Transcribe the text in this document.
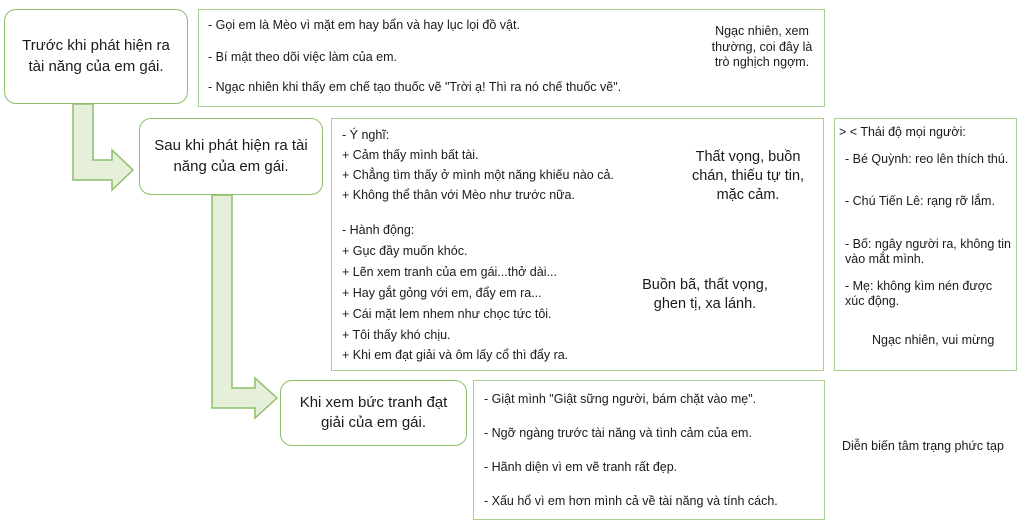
Trước khi phát hiện ra tài năng của em gái.
- Gọi em là Mèo vì mặt em hay bẩn và hay lục lọi đồ vật.
- Bí mật theo dõi việc làm của em.
- Ngạc nhiên khi thấy em chế tạo thuốc vẽ "Trời ạ! Thì ra nó chế thuốc vẽ".
Ngạc nhiên, xem thường, coi đây là trò nghịch ngợm.
Sau khi phát hiện ra tài năng của em gái.
- Ý nghĩ:
+ Cảm thấy mình bất tài.
+ Chẳng tìm thấy ở mình một năng khiếu nào cả.
+ Không thể thân với Mèo như trước nữa.
Thất vọng, buồn chán, thiếu tự tin, mặc cảm.
- Hành động:
+ Gục đầy muốn khóc.
+ Lẽn xem tranh của em gái...thở dài...
+ Hay gắt gỏng với em, đẩy em ra...
+ Cái mặt lem nhem như chọc tức tôi.
+ Tôi thấy khó chịu.
+ Khi em đạt giải và ôm lấy cổ thì đẩy ra.
Buồn bã, thất vọng, ghen tị, xa lánh.
> < Thái độ mọi người:
- Bé Quỳnh: reo lên thích thú.
- Chú Tiến Lê: rạng rỡ lắm.
- Bố: ngây người ra, không tin vào mắt mình.
- Mẹ: không kìm nén được xúc động.
Ngạc nhiên, vui mừng
Khi xem bức tranh đạt giải của em gái.
- Giật mình "Giật sững người, bám chặt vào mẹ".
- Ngỡ ngàng trước tài năng và tình cảm của em.
- Hãnh diện vì em vẽ tranh rất đẹp.
- Xấu hổ vì em hơn mình cả về tài năng và tính cách.
Diễn biến tâm trạng phức tạp
